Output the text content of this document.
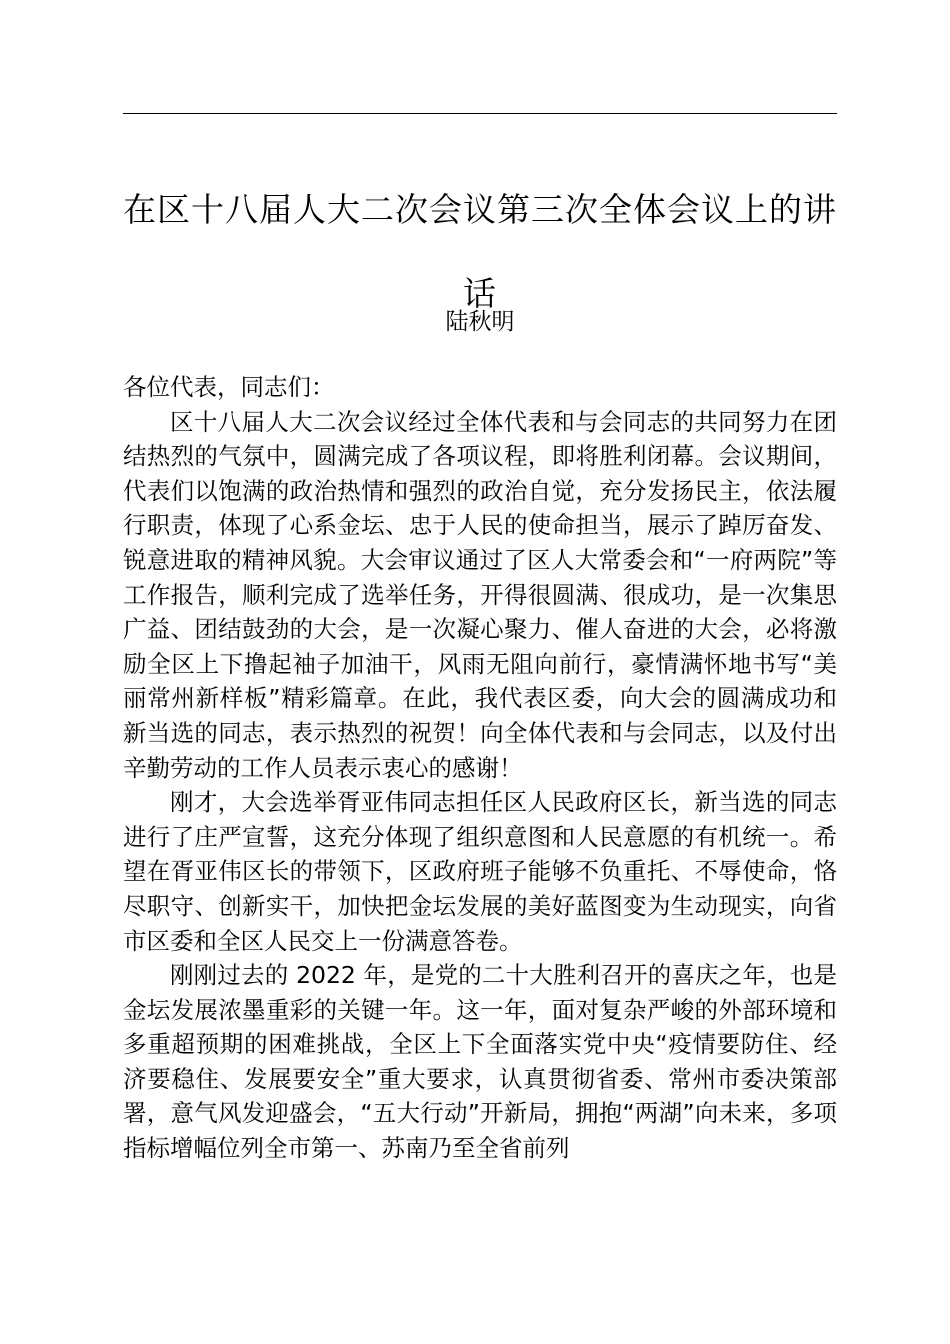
在区十八届人大二次会议第三次全体会议上的讲话
陆秋明

各位代表，同志们：

区十八届人大二次会议经过全体代表和与会同志的共同努力在团结热烈的气氛中，圆满完成了各项议程，即将胜利闭幕。会议期间，代表们以饱满的政治热情和强烈的政治自觉，充分发扬民主，依法履行职责，体现了心系金坛、忠于人民的使命担当，展示了踔厉奋发、锐意进取的精神风貌。大会审议通过了区人大常委会和“一府两院”等工作报告，顺利完成了选举任务，开得很圆满、很成功，是一次集思广益、团结鼓劲的大会，是一次凝心聚力、催人奋进的大会，必将激励全区上下撸起袖子加油干，风雨无阻向前行，豪情满怀地书写“美丽常州新样板”精彩篇章。在此，我代表区委，向大会的圆满成功和新当选的同志，表示热烈的祝贺！向全体代表和与会同志，以及付出辛勤劳动的工作人员表示衷心的感谢！

刚才，大会选举胥亚伟同志担任区人民政府区长，新当选的同志进行了庄严宣誓，这充分体现了组织意图和人民意愿的有机统一。希望在胥亚伟区长的带领下，区政府班子能够不负重托、不辱使命，恪尽职守、创新实干，加快把金坛发展的美好蓝图变为生动现实，向省市区委和全区人民交上一份满意答卷。

刚刚过去的 2022 年，是党的二十大胜利召开的喜庆之年，也是金坛发展浓墨重彩的关键一年。这一年，面对复杂严峻的外部环境和多重超预期的困难挑战，全区上下全面落实党中央“疫情要防住、经济要稳住、发展要安全”重大要求，认真贯彻省委、常州市委决策部署，意气风发迎盛会，“五大行动”开新局，拥抱“两湖”向未来，多项指标增幅位列全市第一、苏南乃至全省前列
